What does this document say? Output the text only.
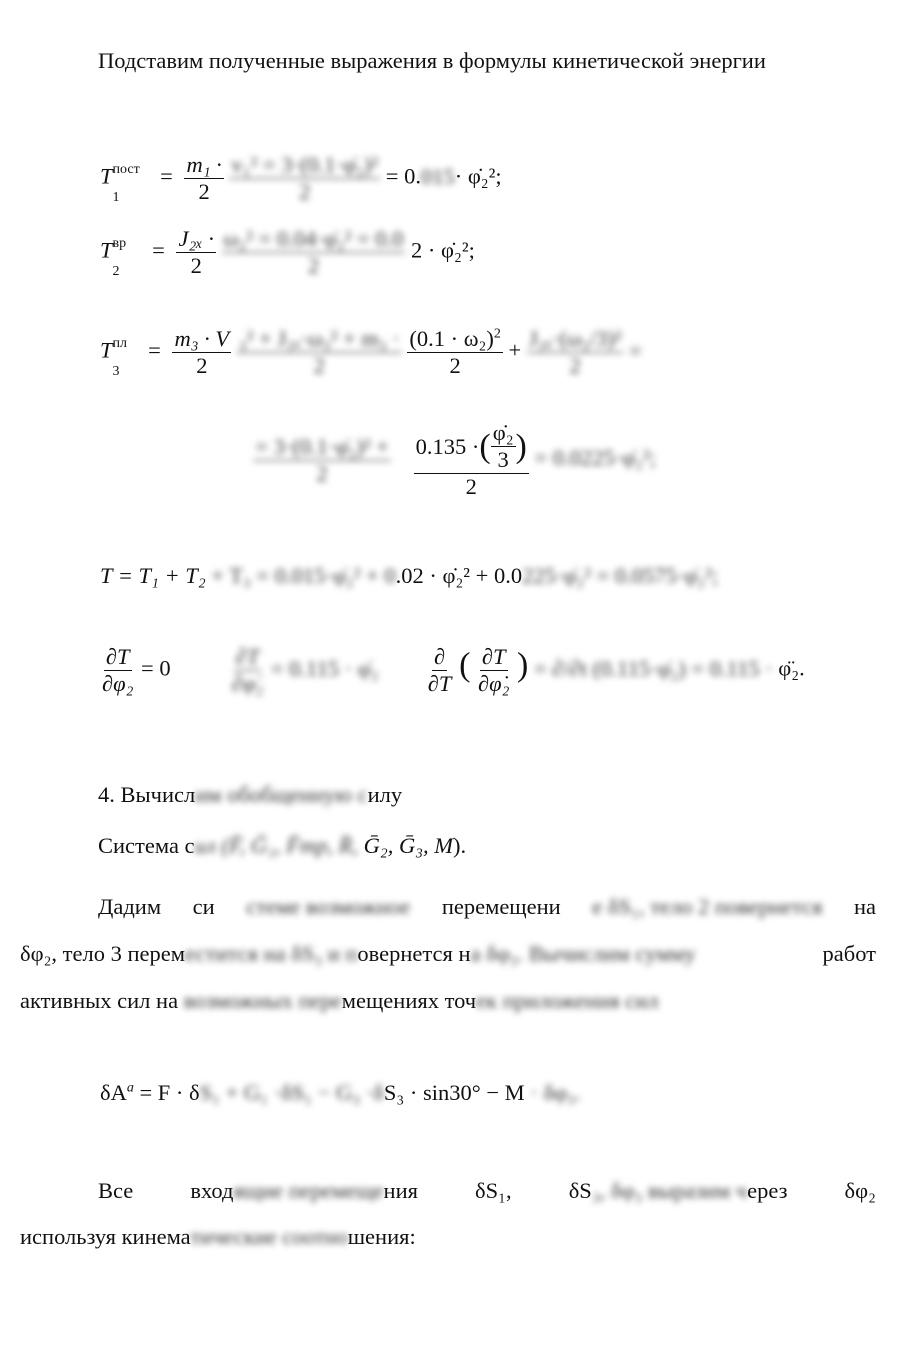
Подставим полученные выражения в формулы кинетической энергии
T пост
1
= $\frac{\text{m₁ ·}}{2}$
$\frac{\text{v₁² = 3·(0.1·φ̇₂)²}}{2} = 0.015\cdot$ φ̇₂²;
T вр
2
= $\frac{\text{J₂ₓ ·}}{2}$
$\frac{\text{ω₂² = 0.04·φ̇₂² = 0.0}}{2} 2$ · φ̇₂²;
T пл
3
= $\frac{\text{m₃ · V}}{2}$
$\frac{\text{₃² + J₃ₓ·ω₃² + m₃ ·}}{2}$
$\frac{(0.1 \cdot \omega_2)^2}{2} + \frac{\text{J₃ₓ·(ω₂/3)²}}{2}$ =
$\frac{\text{= 3·(0.1·φ̇₂)² +}}{2}$
$\frac{0.135 \cdot ( \frac{\text{φ̇₂}}{3} )}{2}$ = 0.0225·φ̇₂²;
T = T₁ + T₂ + T₃ = 0.015·φ̇₂² + 0.02 · φ̇₂² + 0.0225·φ̇₂² = 0.0575·φ̇₂²;
$\frac{\partial T}{\text{∂φ₂}} = 0$	$\frac{\partial T}{\text{∂φ̇₂}} = 0.115$ · φ̇₂ $\frac{\partial}{\partial T}$ ( $\frac{\partial T}{\text{∂φ̇₂}}$ ) = ∂/∂t (0.115·φ̇₂) = 0.115 · φ̈₂.
4. Вычислим обобщенную силу
Система сил (F̄, Ḡ₁, F̄тр, R̄, Ḡ₂, Ḡ₃, M).
Дадим си стеме возможное перемещени е δS₁, тело 2 повернется на
δφ₂, тело 3 переместится на δS₃ и повернется на δφ₃. Вычислим сумму	работ
активных сил на возможных перемещениях точек приложения сил
$\delta A^a = F \cdot \delta S_1 + G_1 \cdot\delta S_1 - G_3 \cdot\delta S_3 \cdot \sin 30^\circ - M \cdot \delta\varphi_3$.
Все	входящие перемещения	δS₁,	δS₃, δφ₃ выразим через	δφ₂
используя кинематические соотношения:
